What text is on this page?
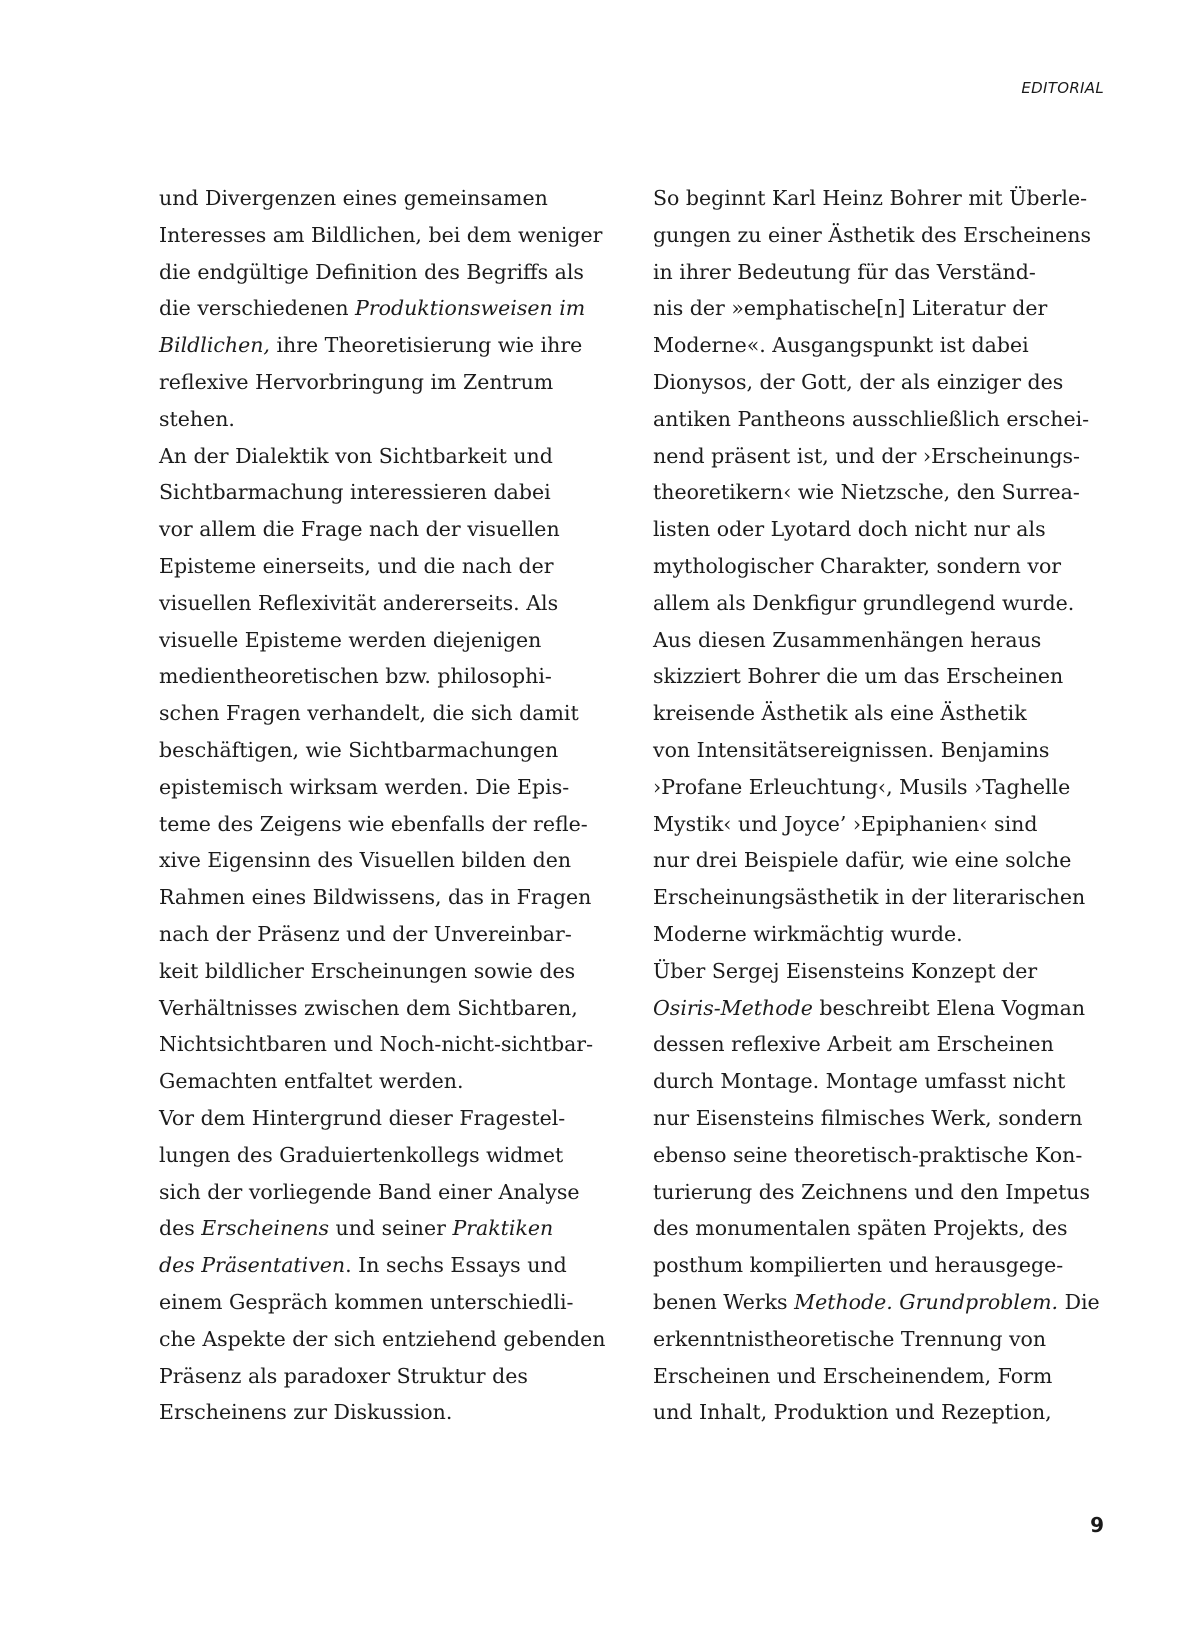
EDITORIAL
und Divergenzen eines gemeinsamen
Interesses am Bildlichen, bei dem weniger
die endgültige Definition des Begriffs als
die verschiedenen Produktionsweisen im
Bildlichen, ihre Theoretisierung wie ihre
reflexive Hervorbringung im Zentrum
stehen.
An der Dialektik von Sichtbarkeit und
Sichtbarmachung interessieren dabei
vor allem die Frage nach der visuellen
Episteme einerseits, und die nach der
visuellen Reflexivität andererseits. Als
visuelle Episteme werden diejenigen
medientheoretischen bzw. philosophi-
schen Fragen verhandelt, die sich damit
beschäftigen, wie Sichtbarmachungen
epistemisch wirksam werden. Die Epis-
teme des Zeigens wie ebenfalls der refle-
xive Eigensinn des Visuellen bilden den
Rahmen eines Bildwissens, das in Fragen
nach der Präsenz und der Unvereinbar-
keit bildlicher Erscheinungen sowie des
Verhältnisses zwischen dem Sichtbaren,
Nichtsichtbaren und Noch-nicht-sichtbar-
Gemachten entfaltet werden.
Vor dem Hintergrund dieser Fragestel-
lungen des Graduiertenkollegs widmet
sich der vorliegende Band einer Analyse
des Erscheinens und seiner Praktiken
des Präsentativen. In sechs Essays und
einem Gespräch kommen unterschiedli-
che Aspekte der sich entziehend gebenden
Präsenz als paradoxer Struktur des
Erscheinens zur Diskussion.
So beginnt Karl Heinz Bohrer mit Überle-
gungen zu einer Ästhetik des Erscheinens
in ihrer Bedeutung für das Verständ-
nis der »emphatische[n] Literatur der
Moderne«. Ausgangspunkt ist dabei
Dionysos, der Gott, der als einziger des
antiken Pantheons ausschließlich erschei-
nend präsent ist, und der ›Erscheinungs-
theoretikern‹ wie Nietzsche, den Surrea-
listen oder Lyotard doch nicht nur als
mythologischer Charakter, sondern vor
allem als Denkfigur grundlegend wurde.
Aus diesen Zusammenhängen heraus
skizziert Bohrer die um das Erscheinen
kreisende Ästhetik als eine Ästhetik
von Intensitätsereignissen. Benjamins
›Profane Erleuchtung‹, Musils ›Taghelle
Mystik‹ und Joyce’ ›Epiphanien‹ sind
nur drei Beispiele dafür, wie eine solche
Erscheinungsästhetik in der literarischen
Moderne wirkmächtig wurde.
Über Sergej Eisensteins Konzept der
Osiris-Methode beschreibt Elena Vogman
dessen reflexive Arbeit am Erscheinen
durch Montage. Montage umfasst nicht
nur Eisensteins filmisches Werk, sondern
ebenso seine theoretisch-praktische Kon-
turierung des Zeichnens und den Impetus
des monumentalen späten Projekts, des
posthum kompilierten und herausgege-
benen Werks Methode. Grundproblem. Die
erkenntnistheoretische Trennung von
Erscheinen und Erscheinendem, Form
und Inhalt, Produktion und Rezeption,
9
